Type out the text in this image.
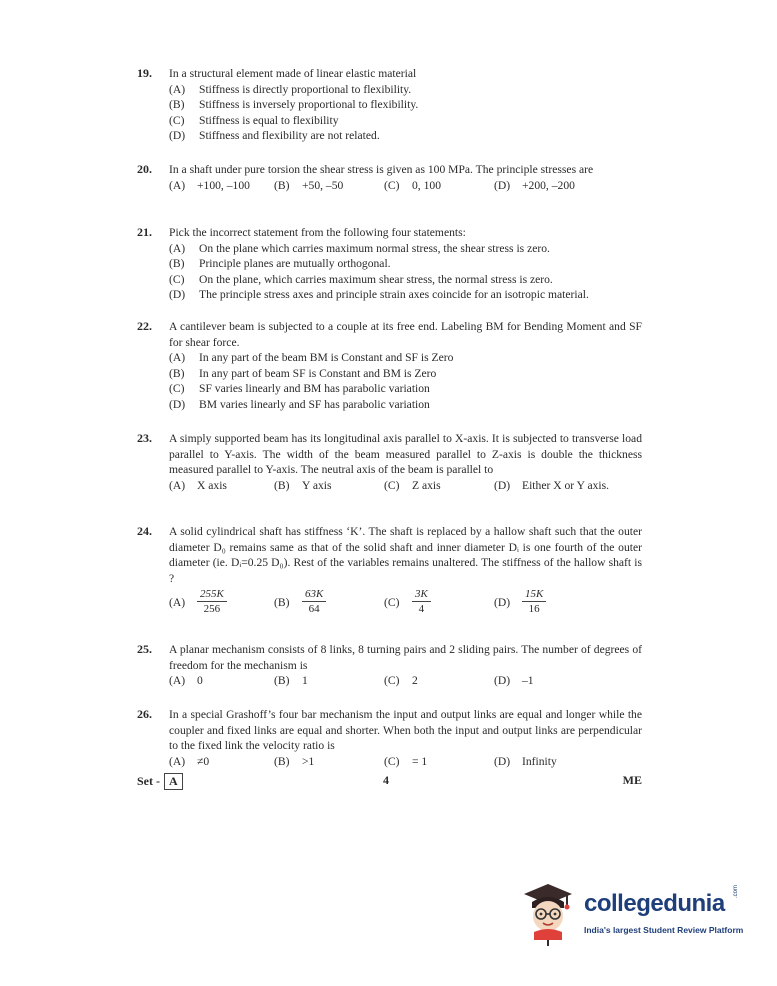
19. In a structural element made of linear elastic material
(A)	Stiffness is directly proportional to flexibility.
(B)	Stiffness is inversely proportional to flexibility.
(C)	Stiffness is equal to flexibility
(D)	Stiffness and flexibility are not related.
20. In a shaft under pure torsion the shear stress is given as 100 MPa. The principle stresses are
(A)	+100, –100 (B)	+50, –50	(C)	0, 100	(D)	+200, –200
21. Pick the incorrect statement from the following four statements:
(A)	On the plane which carries maximum normal stress, the shear stress is zero.
(B)	Principle planes are mutually orthogonal.
(C)	On the plane, which carries maximum shear stress, the normal stress is zero.
(D)	The principle stress axes and principle strain axes coincide for an isotropic material.
22. A cantilever beam is subjected to a couple at its free end. Labeling BM for Bending Moment and SF for shear force.
(A)	In any part of the beam BM is Constant and SF is Zero
(B)	In any part of beam SF is Constant and BM is Zero
(C)	SF varies linearly and BM has parabolic variation
(D)	BM varies linearly and SF has parabolic variation
23. A simply supported beam has its longitudinal axis parallel to X-axis. It is subjected to transverse load parallel to Y-axis. The width of the beam measured parallel to Z-axis is double the thickness measured parallel to Y-axis. The neutral axis of the beam is parallel to
(A)	X axis	(B)	Y axis	(C)	Z axis	(D)	Either X or Y axis.
24. A solid cylindrical shaft has stiffness ‘K’. The shaft is replaced by a hallow shaft such that the outer diameter D₀ remains same as that of the solid shaft and inner diameter Dᵢ is one fourth of the outer diameter (ie. Dᵢ=0.25 D₀). Rest of the variables remains unaltered. The stiffness of the hallow shaft is ?
(A)	$\frac{255K}{256}$	(B)	$\frac{63K}{64}$	(C)	$\frac{3K}{4}$	(D)	$\frac{15K}{16}$
25. A planar mechanism consists of 8 links, 8 turning pairs and 2 sliding pairs. The number of degrees of freedom for the mechanism is
(A)	0	(B)	1	(C)	2	(D)	–1
26. In a special Grashoff’s four bar mechanism the input and output links are equal and longer while the coupler and fixed links are equal and shorter. When both the input and output links are perpendicular to the fixed link the velocity ratio is
(A)	≠0	(B)	>1	(C)	= 1	(D)	Infinity
Set - A	4	ME
collegedunia .com
India's largest Student Review Platform
